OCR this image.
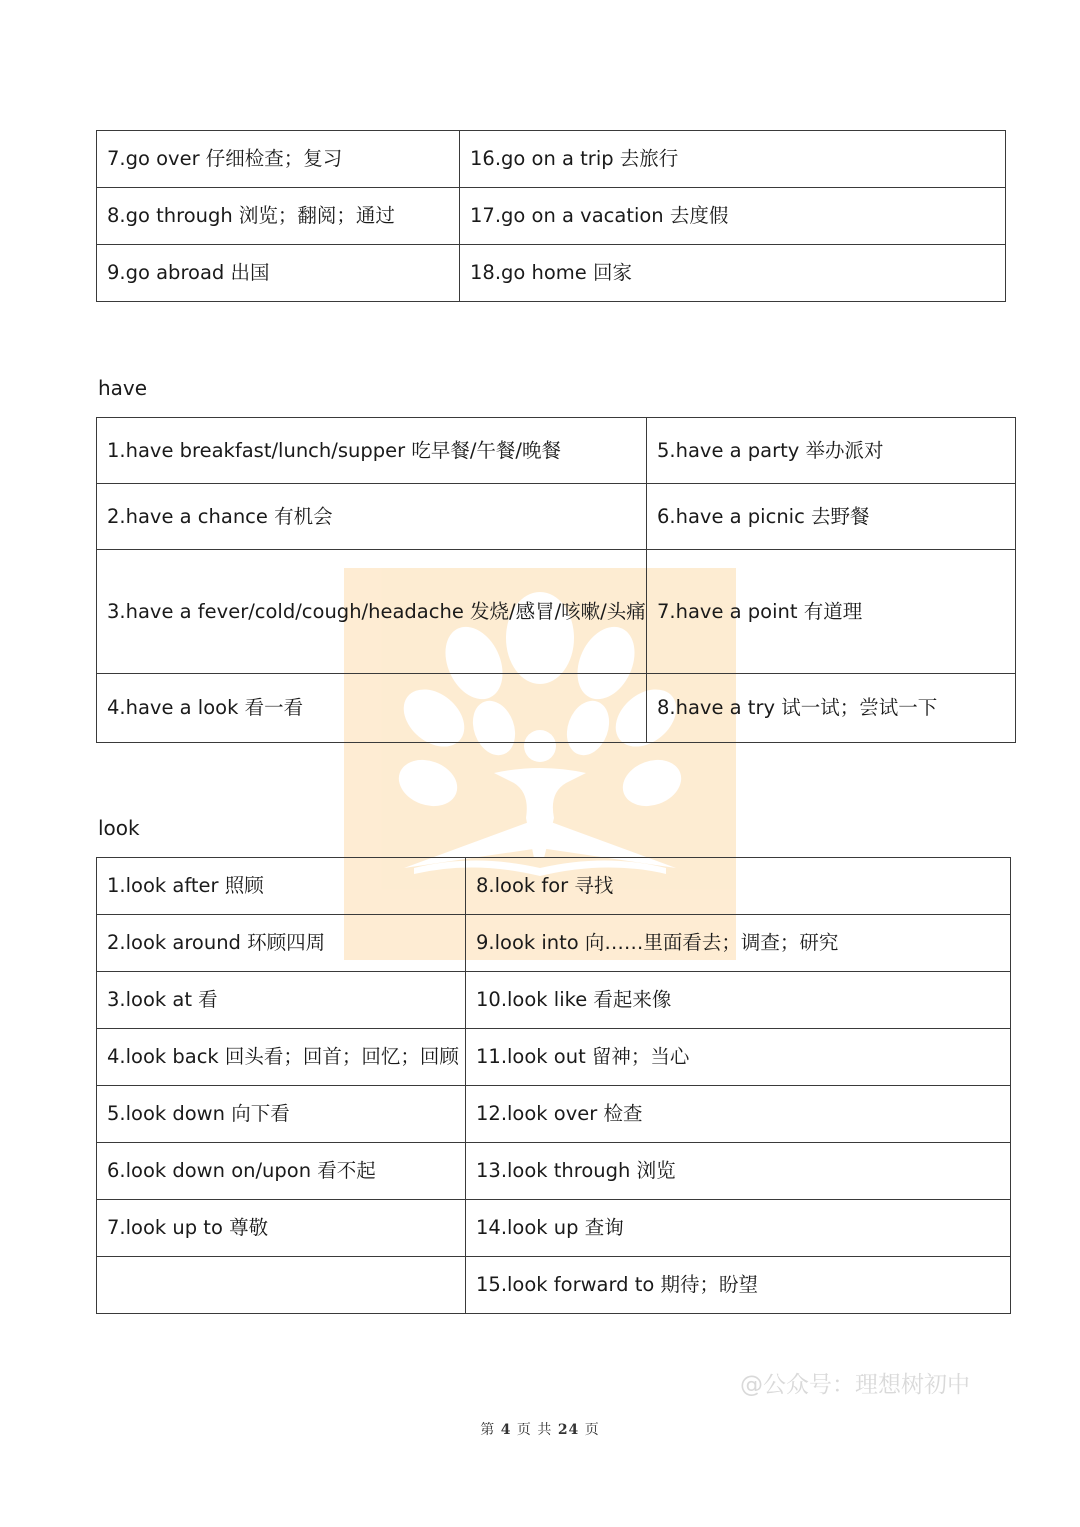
7.go over 仔细检查；复习	16.go on a trip 去旅行
8.go through 浏览；翻阅；通过	17.go on a vacation 去度假
9.go abroad 出国	18.go home 回家
have
1.have breakfast/lunch/supper 吃早餐/午餐/晚餐	5.have a party 举办派对
2.have a chance 有机会	6.have a picnic 去野餐
3.have a fever/cold/cough/headache 发烧/感冒/咳嗽/头痛	7.have a point 有道理
4.have a look 看一看	8.have a try 试一试；尝试一下
look
1.look after 照顾	8.look for 寻找
2.look around 环顾四周	9.look into 向……里面看去；调查；研究
3.look at 看	10.look like 看起来像
4.look back 回头看；回首；回忆；回顾	11.look out 留神；当心
5.look down 向下看	12.look over 检查
6.look down on/upon 看不起	13.look through 浏览
7.look up to 尊敬	14.look up 查询
	15.look forward to 期待；盼望
@公众号：理想树初中
第 4 页 共 24 页
